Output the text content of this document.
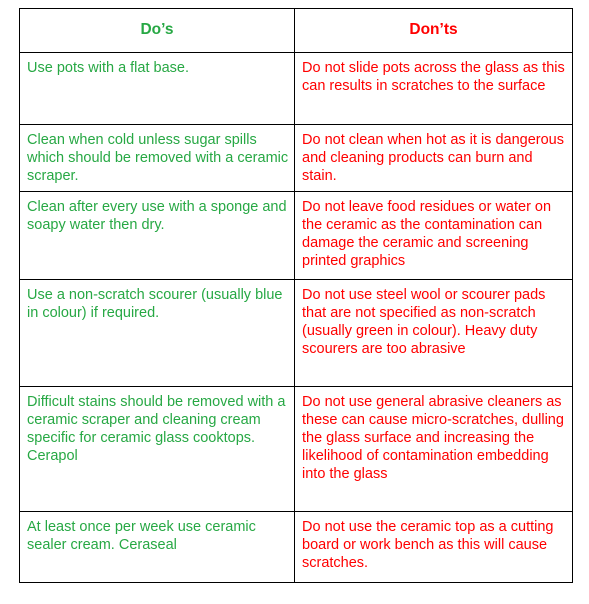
Do’s	Don’ts
Use pots with a flat base.	Do not slide pots across the glass as this can results in scratches to the surface
Clean when cold unless sugar spills which should be removed with a ceramic scraper.	Do not clean when hot as it is dangerous and cleaning products can burn and stain.
Clean after every use with a sponge and soapy water then dry.	Do not leave food residues or water on the ceramic as the contamination can damage the ceramic and screening printed graphics
Use a non-scratch scourer (usually blue in colour) if required.	Do not use steel wool or scourer pads that are not specified as non-scratch (usually green in colour). Heavy duty scourers are too abrasive
Difficult stains should be removed with a ceramic scraper and cleaning cream specific for ceramic glass cooktops. Cerapol	Do not use general abrasive cleaners as these can cause micro-scratches, dulling the glass surface and increasing the likelihood of contamination embedding into the glass
At least once per week use ceramic sealer cream. Ceraseal	Do not use the ceramic top as a cutting board or work bench as this will cause scratches.
